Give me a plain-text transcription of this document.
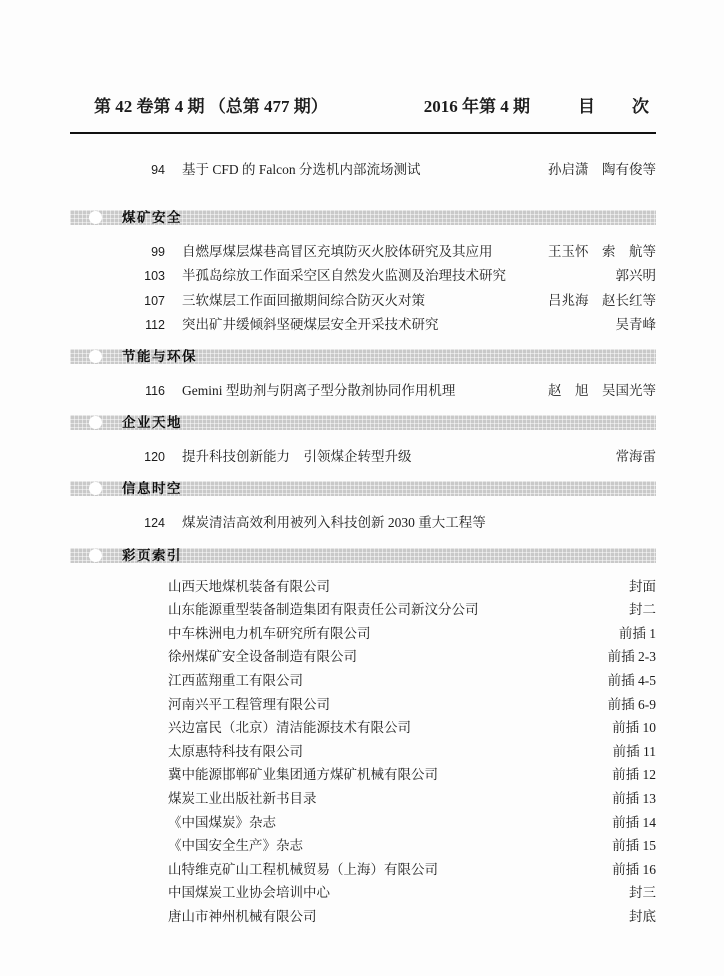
第 42 卷第 4 期 （总第 477 期）	2016 年第 4 期	目　　次
94 基于 CFD 的 Falcon 分选机内部流场测试	孙启潇　陶有俊等
煤矿安全
99 自燃厚煤层煤巷高冒区充填防灭火胶体研究及其应用	王玉怀　索　航等
103 半孤岛综放工作面采空区自然发火监测及治理技术研究	郭兴明
107 三软煤层工作面回撤期间综合防灭火对策	吕兆海　赵长红等
112 突出矿井缓倾斜坚硬煤层安全开采技术研究	吴青峰
节能与环保
116 Gemini 型助剂与阴离子型分散剂协同作用机理	赵　旭　吴国光等
企业天地
120 提升科技创新能力　引领煤企转型升级	常海雷
信息时空
124 煤炭清洁高效利用被列入科技创新 2030 重大工程等
彩页索引
山西天地煤机装备有限公司	封面
山东能源重型装备制造集团有限责任公司新汶分公司	封二
中车株洲电力机车研究所有限公司	前插 1
徐州煤矿安全设备制造有限公司	前插 2-3
江西蓝翔重工有限公司	前插 4-5
河南兴平工程管理有限公司	前插 6-9
兴边富民（北京）清洁能源技术有限公司	前插 10
太原惠特科技有限公司	前插 11
冀中能源邯郸矿业集团通方煤矿机械有限公司	前插 12
煤炭工业出版社新书目录	前插 13
《中国煤炭》杂志	前插 14
《中国安全生产》杂志	前插 15
山特维克矿山工程机械贸易（上海）有限公司	前插 16
中国煤炭工业协会培训中心	封三
唐山市神州机械有限公司	封底
